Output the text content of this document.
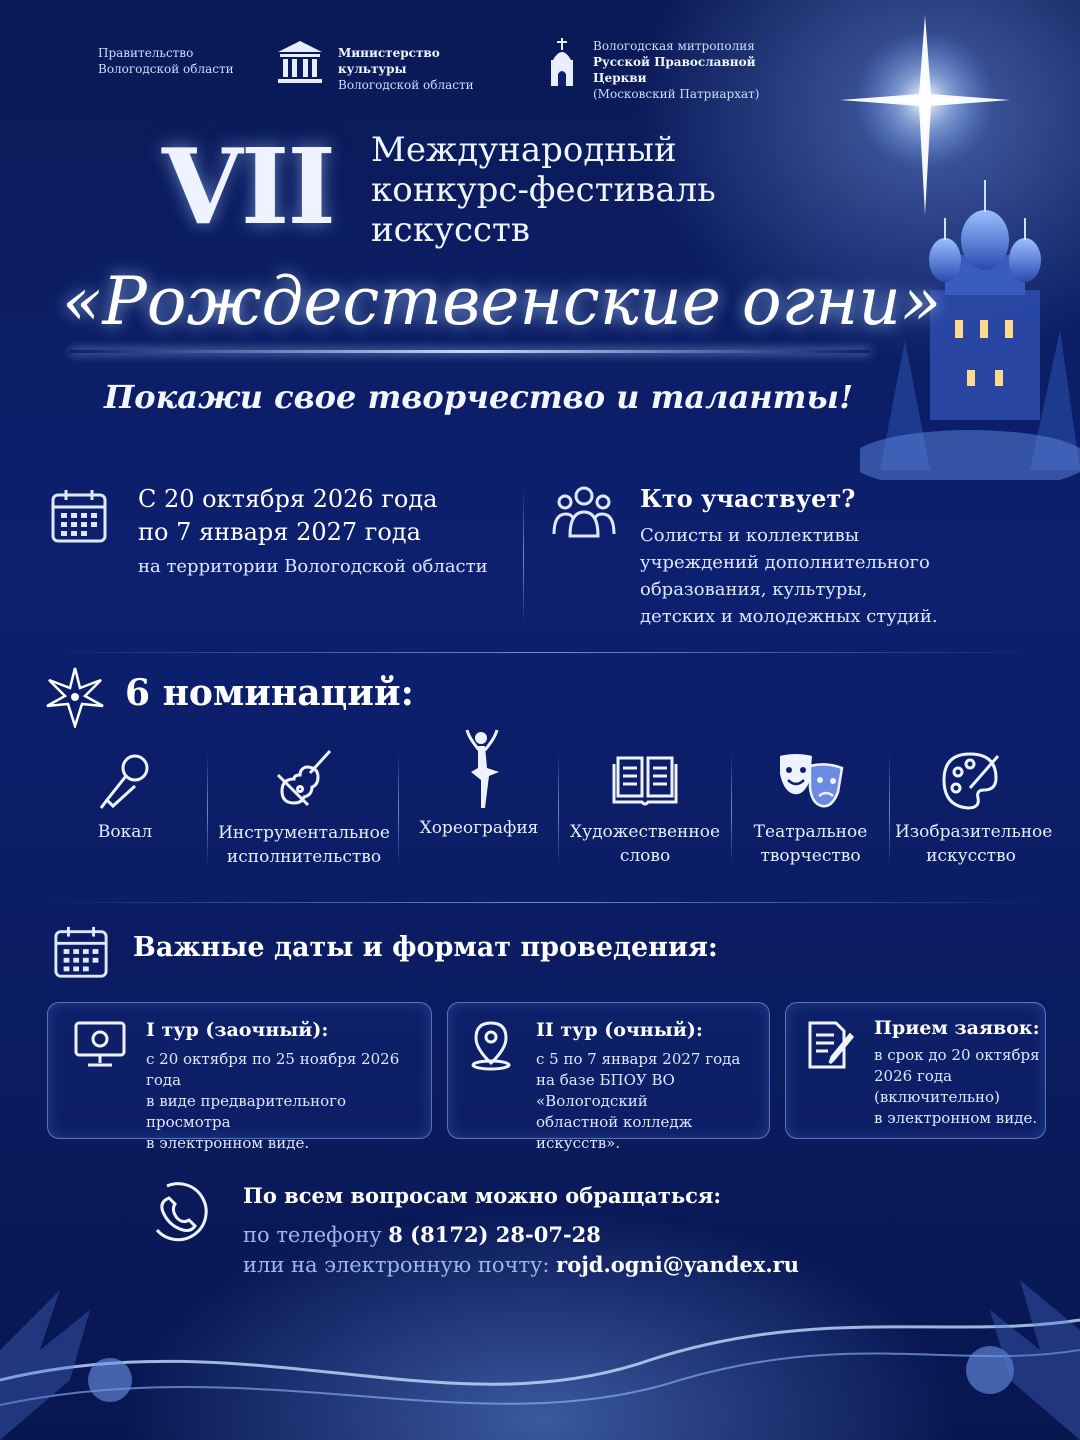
Правительство
Вологодской области
Министерство культуры
Вологодской области
Вологодская митрополия
Русской Православной Церкви
(Московский Патриархат)
VII Международный
конкурс-фестиваль
искусств
«Рождественские огни»
Покажи свое творчество и таланты!
С 20 октября 2026 года
по 7 января 2027 года
на территории Вологодской области
Кто участвует?
Солисты и коллективы
учреждений дополнительного
образования, культуры,
детских и молодежных студий.
6 номинаций:
Вокал	Инструментальное
исполнительство
Хореография	Художественное
слово
Театральное
творчество
Изобразительное
искусство
Важные даты и формат проведения:
I тур (заочный):
с 20 октября по 25 ноября 2026 года
в виде предварительного просмотра
в электронном виде.
II тур (очный):
с 5 по 7 января 2027 года
на базе БПОУ ВО «Вологодский
областной колледж искусств».
Прием заявок:
в срок до 20 октября
2026 года
(включительно)
в электронном виде.
По всем вопросам можно обращаться:
по телефону 8 (8172) 28-07-28
или на электронную почту: rojd.ogni@yandex.ru
